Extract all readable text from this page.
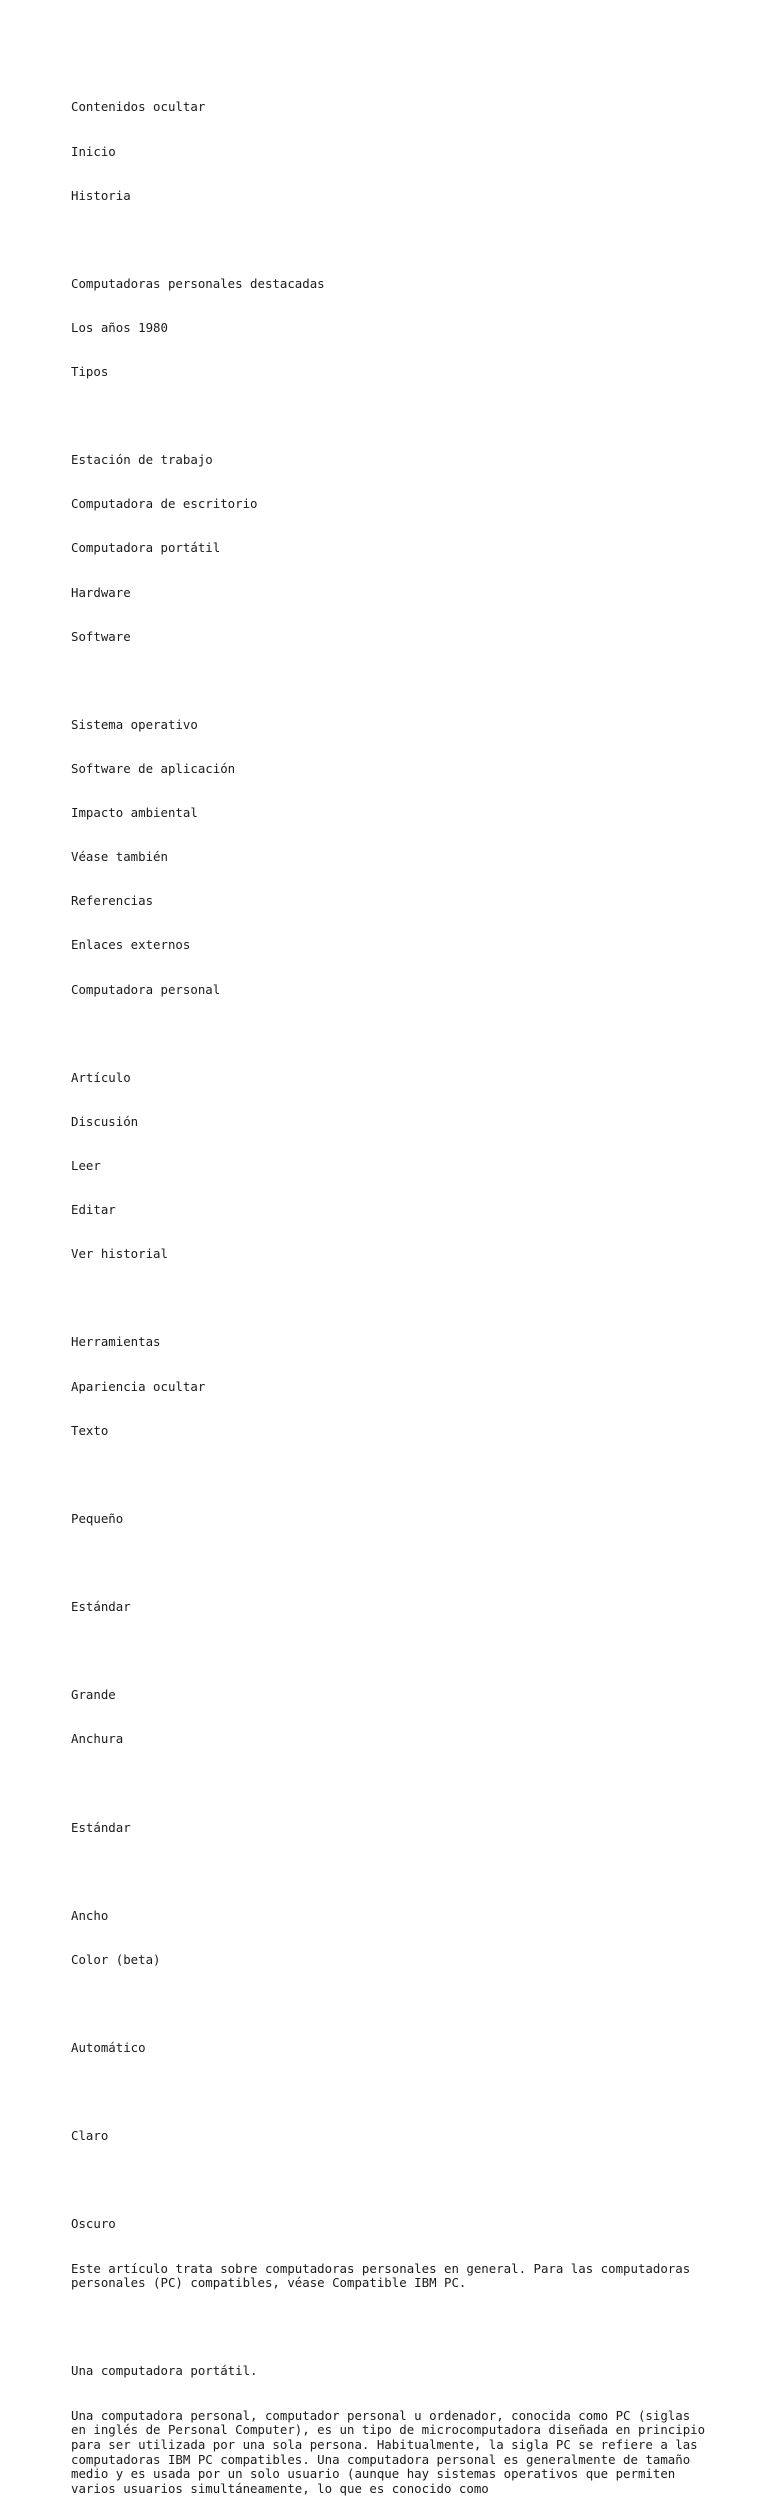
Contenidos ocultar

Inicio

Historia

Computadoras personales destacadas

Los años 1980

Tipos

Estación de trabajo

Computadora de escritorio

Computadora portátil

Hardware

Software

Sistema operativo

Software de aplicación

Impacto ambiental

Véase también

Referencias

Enlaces externos

Computadora personal

Artículo

Discusión

Leer

Editar

Ver historial

Herramientas

Apariencia ocultar

Texto

Pequeño

Estándar

Grande

Anchura

Estándar

Ancho

Color (beta)

Automático

Claro

Oscuro

Este artículo trata sobre computadoras personales en general. Para las computadoras personales (PC) compatibles, véase Compatible IBM PC.

Una computadora portátil.

Una computadora personal, computador personal u ordenador, conocida como PC (siglas en inglés de Personal Computer), es un tipo de microcomputadora diseñada en principio para ser utilizada por una sola persona. Habitualmente, la sigla PC se refiere a las computadoras IBM PC compatibles. Una computadora personal es generalmente de tamaño medio y es usada por un solo usuario (aunque hay sistemas operativos que permiten varios usuarios simultáneamente, lo que es conocido como
